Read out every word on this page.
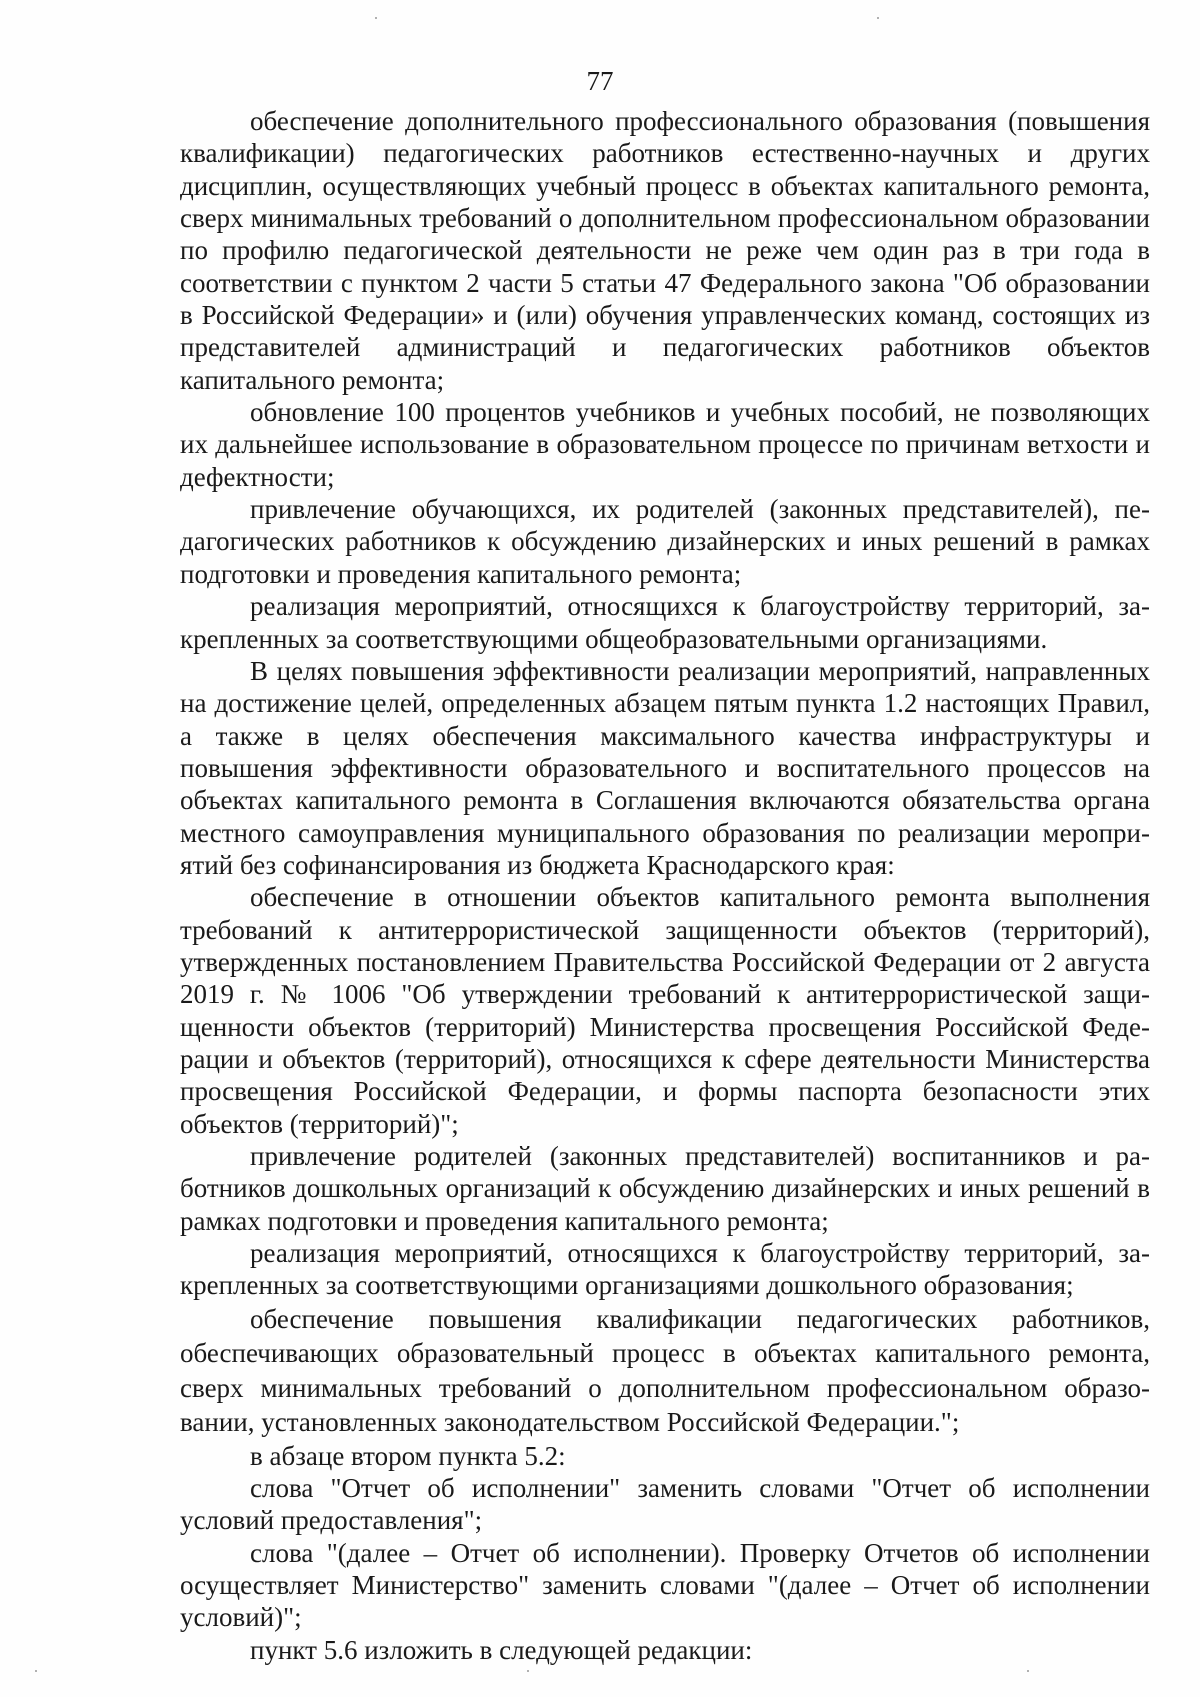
77

обеспечение дополнительного профессионального образования (повышения квалификации) педагогических работников естественно-научных и других дисциплин, осуществляющих учебный процесс в объектах капитального ремонта, сверх минимальных требований о дополнительном профессиональном образовании по профилю педагогической деятельности не реже чем один раз в три года в соответствии с пунктом 2 части 5 статьи 47 Федерального закона "Об образовании в Российской Федерации» и (или) обучения управленческих команд, состоящих из представителей администраций и педагогических работников объектов капитального ремонта;

обновление 100 процентов учебников и учебных пособий, не позволяющих их дальнейшее использование в образовательном процессе по причинам ветхости и дефектности;

привлечение обучающихся, их родителей (законных представителей), педагогических работников к обсуждению дизайнерских и иных решений в рамках подготовки и проведения капитального ремонта;

реализация мероприятий, относящихся к благоустройству территорий, закрепленных за соответствующими общеобразовательными организациями.

В целях повышения эффективности реализации мероприятий, направленных на достижение целей, определенных абзацем пятым пункта 1.2 настоящих Правил, а также в целях обеспечения максимального качества инфраструктуры и повышения эффективности образовательного и воспитательного процессов на объектах капитального ремонта в Соглашения включаются обязательства органа местного самоуправления муниципального образования по реализации мероприятий без софинансирования из бюджета Краснодарского края:

обеспечение в отношении объектов капитального ремонта выполнения требований к антитеррористической защищенности объектов (территорий), утвержденных постановлением Правительства Российской Федерации от 2 августа 2019 г. № 1006 "Об утверждении требований к антитеррористической защищенности объектов (территорий) Министерства просвещения Российской Федерации и объектов (территорий), относящихся к сфере деятельности Министерства просвещения Российской Федерации, и формы паспорта безопасности этих объектов (территорий)";

привлечение родителей (законных представителей) воспитанников и работников дошкольных организаций к обсуждению дизайнерских и иных решений в рамках подготовки и проведения капитального ремонта;

реализация мероприятий, относящихся к благоустройству территорий, закрепленных за соответствующими организациями дошкольного образования;

обеспечение повышения квалификации педагогических работников, обеспечивающих образовательный процесс в объектах капитального ремонта, сверх минимальных требований о дополнительном профессиональном образовании, установленных законодательством Российской Федерации.";

в абзаце втором пункта 5.2:

слова "Отчет об исполнении" заменить словами "Отчет об исполнении условий предоставления";

слова "(далее – Отчет об исполнении). Проверку Отчетов об исполнении осуществляет Министерство" заменить словами "(далее – Отчет об исполнении условий)";

пункт 5.6 изложить в следующей редакции:
